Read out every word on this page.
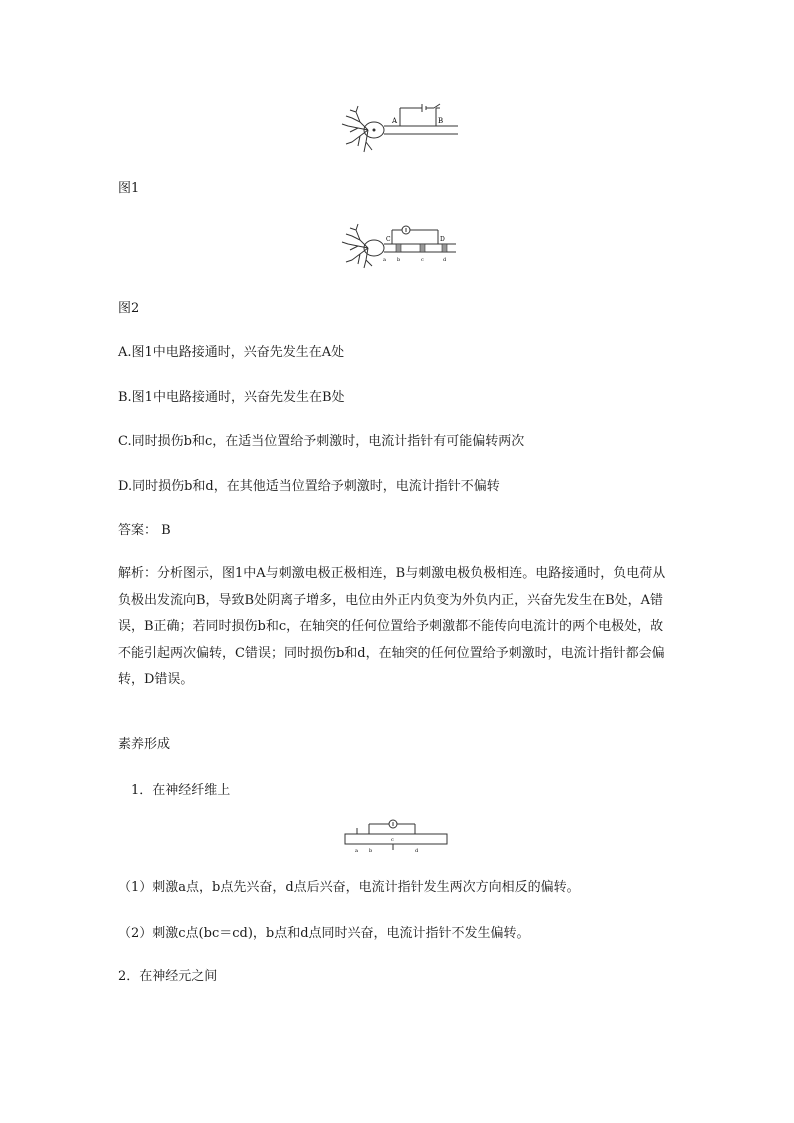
A	B

图1

C	D
a b	c	d

图2

A.图1中电路接通时，兴奋先发生在A处

B.图1中电路接通时，兴奋先发生在B处

C.同时损伤b和c，在适当位置给予刺激时，电流计指针有可能偏转两次

D.同时损伤b和d，在其他适当位置给予刺激时，电流计指针不偏转

答案： B

解析：分析图示，图1中A与刺激电极正极相连，B与刺激电极负极相连。电路接通时，负电荷从负极出发流向B，导致B处阴离子增多，电位由外正内负变为外负内正，兴奋先发生在B处，A错误，B正确；若同时损伤b和c，在轴突的任何位置给予刺激都不能传向电流计的两个电极处，故不能引起两次偏转，C错误；同时损伤b和d，在轴突的任何位置给予刺激时，电流计指针都会偏转，D错误。

素养形成

1．在神经纤维上

a b
c
d

（1）刺激a点，b点先兴奋，d点后兴奋，电流计指针发生两次方向相反的偏转。

（2）刺激c点(bc＝cd)，b点和d点同时兴奋，电流计指针不发生偏转。

2．在神经元之间
